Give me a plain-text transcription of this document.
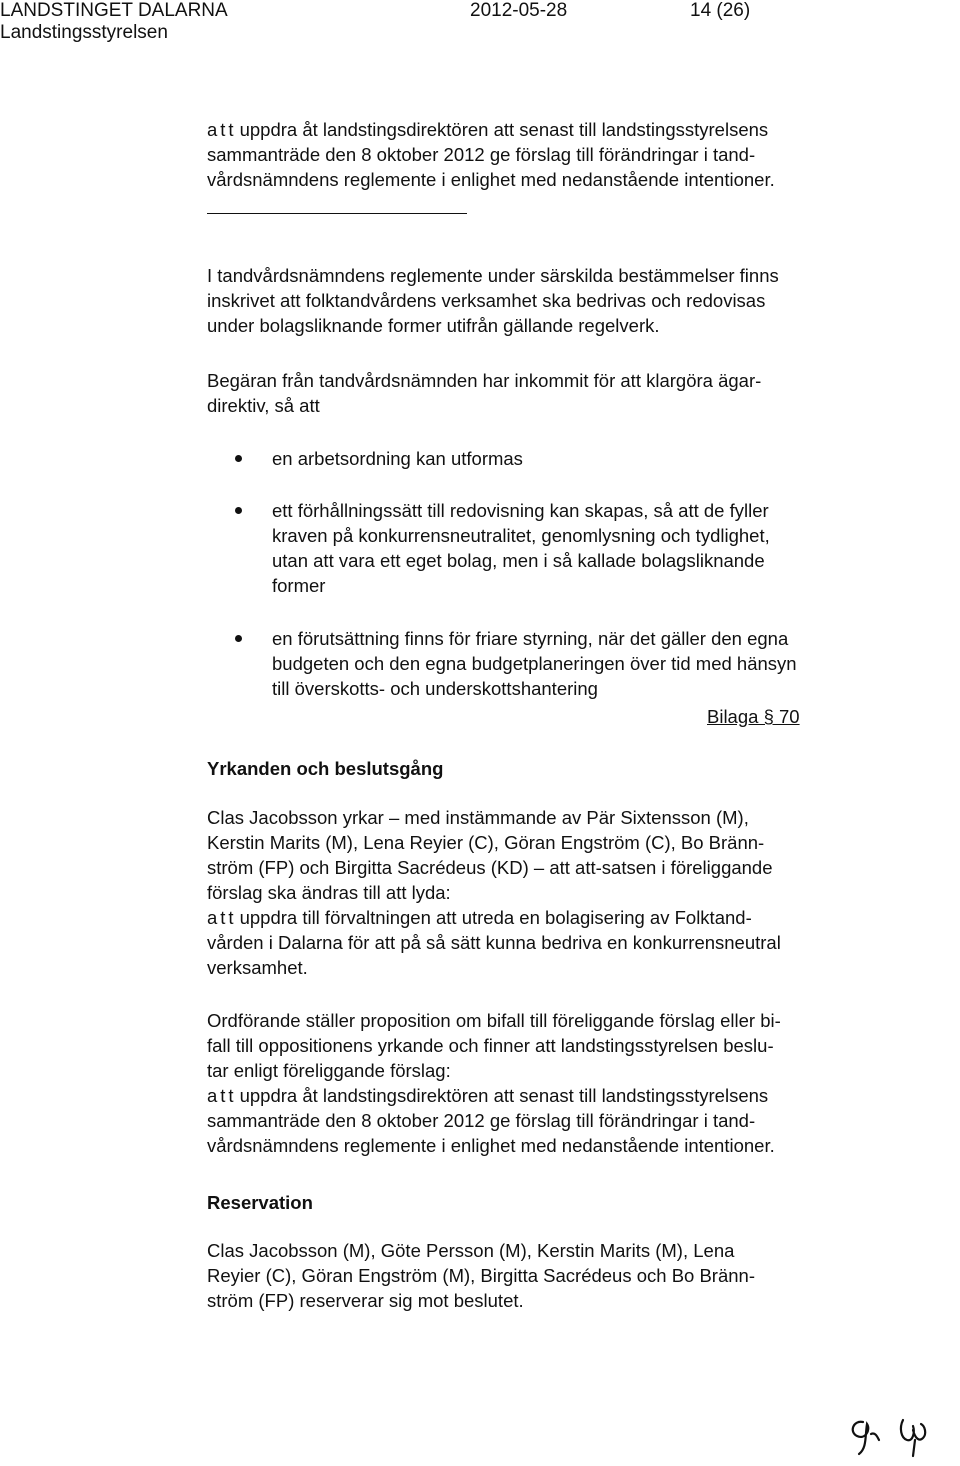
LANDSTINGET DALARNA
Landstingsstyrelsen
2012-05-28	14 (26)

att uppdra åt landstingsdirektören att senast till landstingsstyrelsens

sammanträde den 8 oktober 2012 ge förslag till förändringar i tand-

vårdsnämndens reglemente i enlighet med nedanstående intentioner.

I tandvårdsnämndens reglemente under särskilda bestämmelser finns

inskrivet att folktandvårdens verksamhet ska bedrivas och redovisas

under bolagsliknande former utifrån gällande regelverk.

Begäran från tandvårdsnämnden har inkommit för att klargöra ägar-

direktiv, så att

en arbetsordning kan utformas
ett förhållningssätt till redovisning kan skapas, så att de fyller
kraven på konkurrensneutralitet, genomlysning och tydlighet,
utan att vara ett eget bolag, men i så kallade bolagsliknande
former
en förutsättning finns för friare styrning, när det gäller den egna
budgeten och den egna budgetplaneringen över tid med hänsyn
till överskotts- och underskottshantering
Bilaga § 70
Yrkanden och beslutsgång

Clas Jacobsson yrkar – med instämmande av Pär Sixtensson (M),

Kerstin Marits (M), Lena Reyier (C), Göran Engström (C), Bo Bränn-

ström (FP) och Birgitta Sacrédeus (KD) – att att-satsen i föreliggande

förslag ska ändras till att lyda:

att uppdra till förvaltningen att utreda en bolagisering av Folktand-

vården i Dalarna för att på så sätt kunna bedriva en konkurrensneutral

verksamhet.

Ordförande ställer proposition om bifall till föreliggande förslag eller bi-

fall till oppositionens yrkande och finner att landstingsstyrelsen beslu-

tar enligt föreliggande förslag:

att uppdra åt landstingsdirektören att senast till landstingsstyrelsens

sammanträde den 8 oktober 2012 ge förslag till förändringar i tand-

vårdsnämndens reglemente i enlighet med nedanstående intentioner.

Reservation

Clas Jacobsson (M), Göte Persson (M), Kerstin Marits (M), Lena

Reyier (C), Göran Engström (M), Birgitta Sacrédeus och Bo Bränn-

ström (FP) reserverar sig mot beslutet.
